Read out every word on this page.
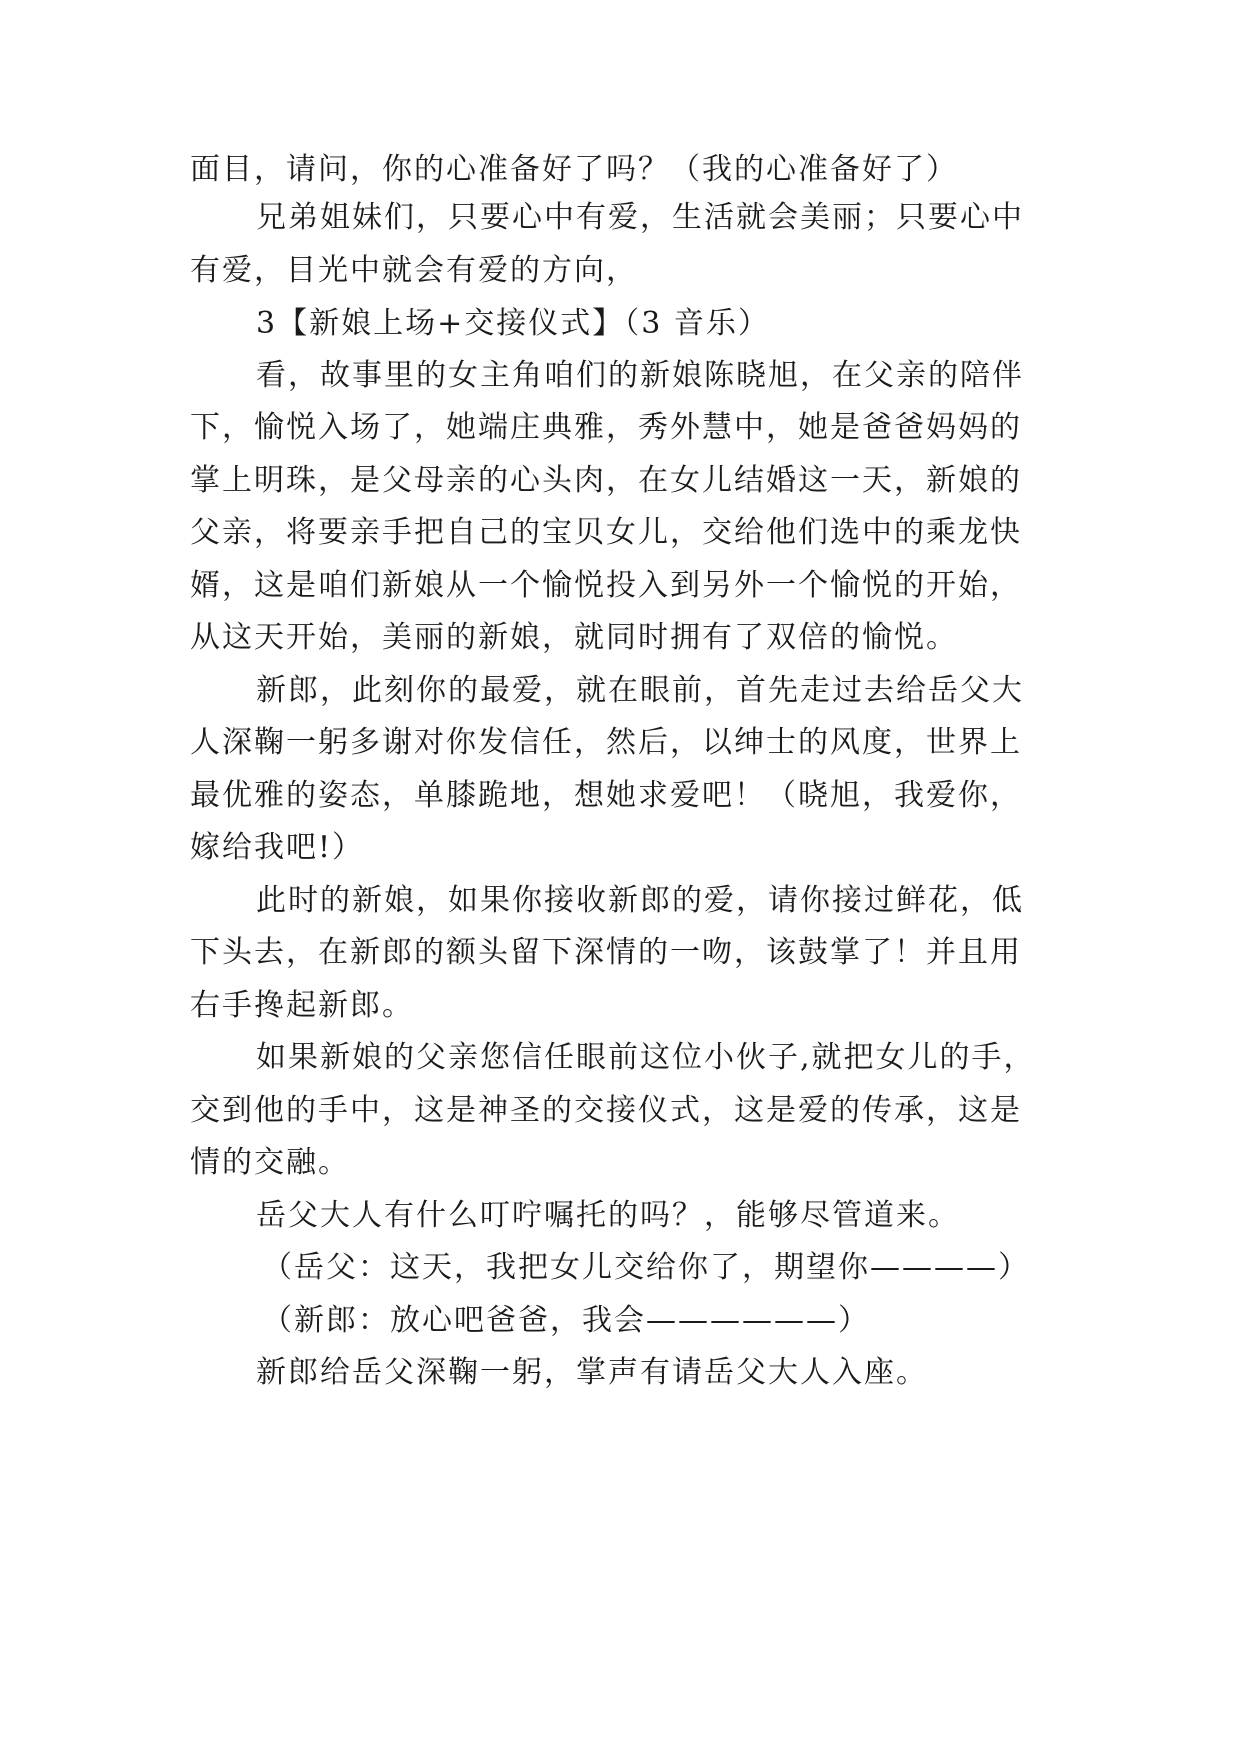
面目，请问，你的心准备好了吗？（我的心准备好了）
兄弟姐妹们，只要心中有爱，生活就会美丽；只要心中
有爱，目光中就会有爱的方向，
3【新娘上场+交接仪式】（3 音乐）
看，故事里的女主角咱们的新娘陈晓旭，在父亲的陪伴
下，愉悦入场了，她端庄典雅，秀外慧中，她是爸爸妈妈的
掌上明珠，是父母亲的心头肉，在女儿结婚这一天，新娘的
父亲，将要亲手把自己的宝贝女儿，交给他们选中的乘龙快
婿，这是咱们新娘从一个愉悦投入到另外一个愉悦的开始，
从这天开始，美丽的新娘，就同时拥有了双倍的愉悦。
新郎，此刻你的最爱，就在眼前，首先走过去给岳父大
人深鞠一躬多谢对你发信任，然后，以绅士的风度，世界上
最优雅的姿态，单膝跪地，想她求爱吧！（晓旭，我爱你，
嫁给我吧!）
此时的新娘，如果你接收新郎的爱，请你接过鲜花，低
下头去，在新郎的额头留下深情的一吻，该鼓掌了！并且用
右手搀起新郎。
如果新娘的父亲您信任眼前这位小伙子,就把女儿的手，
交到他的手中，这是神圣的交接仪式，这是爱的传承，这是
情的交融。
岳父大人有什么叮咛嘱托的吗？，能够尽管道来。
（岳父：这天，我把女儿交给你了，期望你————）
（新郎：放心吧爸爸，我会——————）
新郎给岳父深鞠一躬，掌声有请岳父大人入座。
